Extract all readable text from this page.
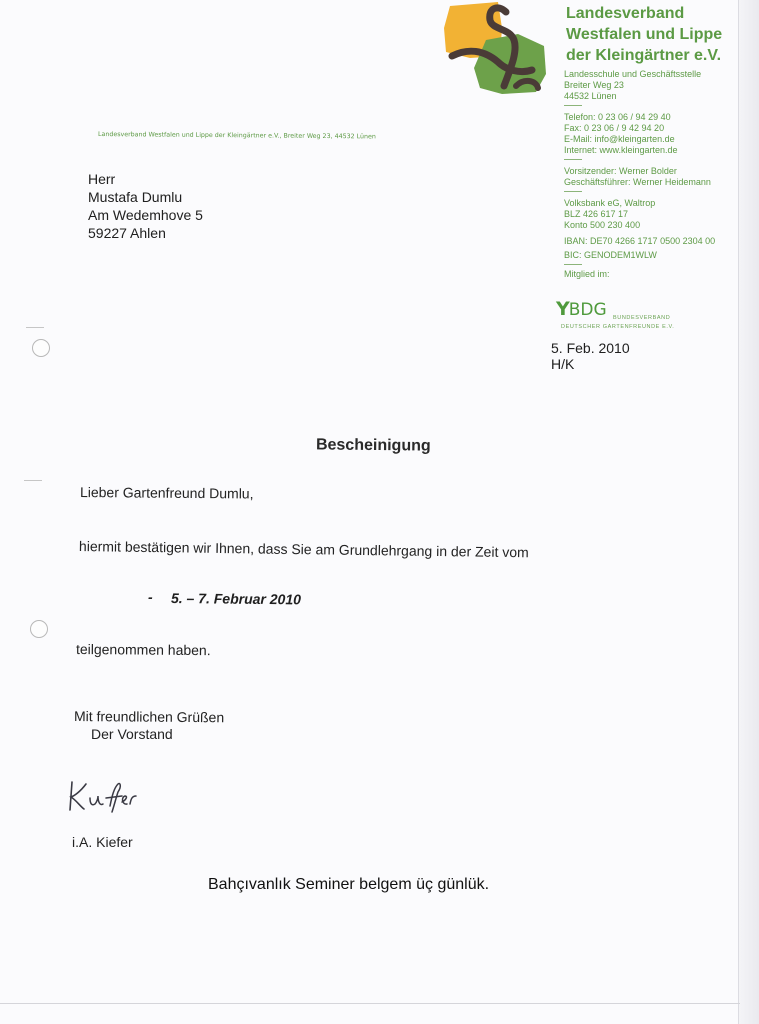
Landesverband
Westfalen und Lippe
der Kleingärtner e.V.
Landesschule und Geschäftsstelle
Breiter Weg 23
44532 Lünen
Telefon: 0 23 06 / 94 29 40
Fax: 0 23 06 / 9 42 94 20
E-Mail: info@kleingarten.de
Internet: www.kleingarten.de
Vorsitzender: Werner Bolder
Geschäftsführer: Werner Heidemann
Volksbank eG, Waltrop
BLZ 426 617 17
Konto 500 230 400
IBAN: DE70 4266 1717 0500 2304 00
BIC: GENODEM1WLW
Mitglied im:
YBDG BUNDESVERBAND
DEUTSCHER GARTENFREUNDE E.V.
Landesverband Westfalen und Lippe der Kleingärtner e.V., Breiter Weg 23, 44532 Lünen
Herr
Mustafa Dumlu
Am Wedemhove 5
59227 Ahlen
5. Feb. 2010
H/K
Bescheinigung
Lieber Gartenfreund Dumlu,
hiermit bestätigen wir Ihnen, dass Sie am Grundlehrgang in der Zeit vom
- 5. – 7. Februar 2010
teilgenommen haben.
Mit freundlichen Grüßen
Der Vorstand
i.A. Kiefer
Bahçıvanlık Seminer belgem üç günlük.
